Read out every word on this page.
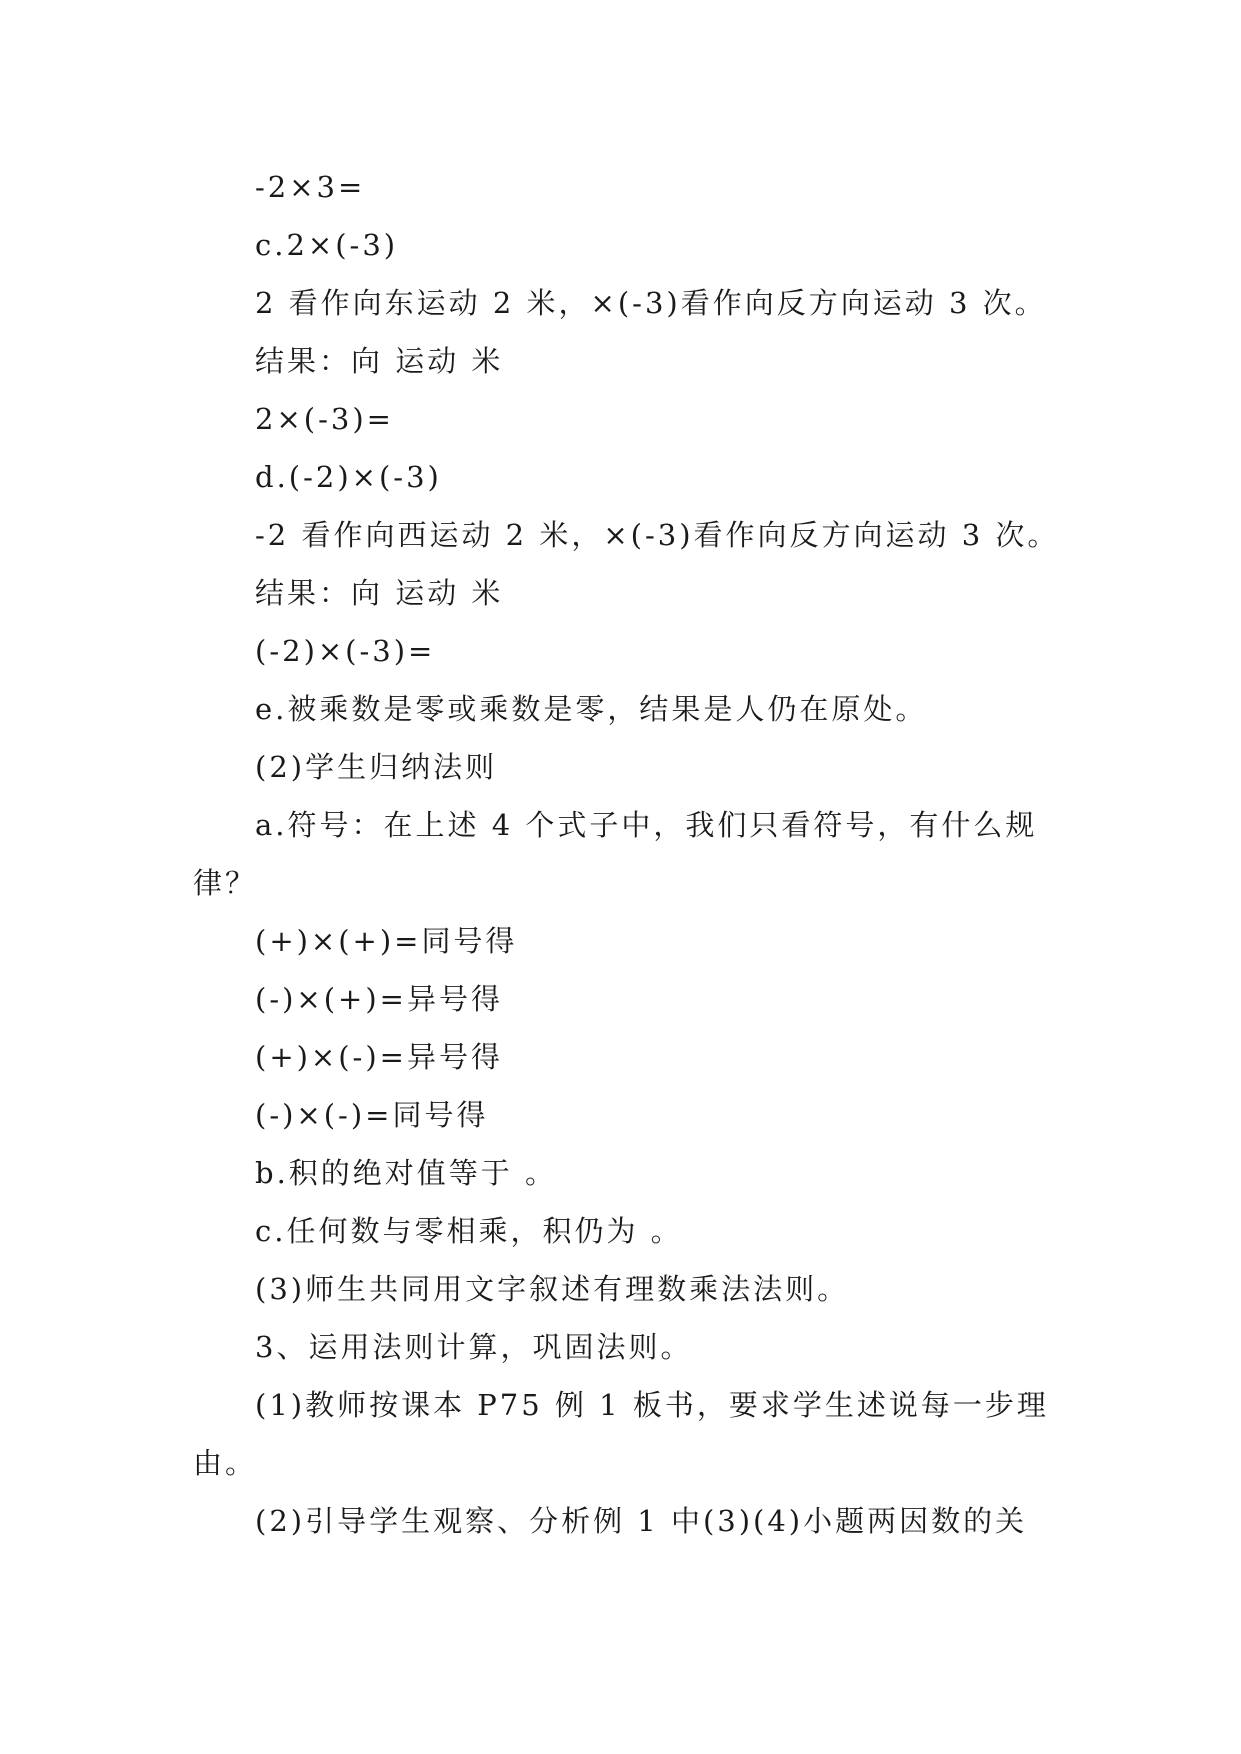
-2×3=
c.2×(-3)
2 看作向东运动 2 米，×(-3)看作向反方向运动 3 次。
结果：向 运动 米
2×(-3)=
d.(-2)×(-3)
-2 看作向西运动 2 米，×(-3)看作向反方向运动 3 次。
结果：向 运动 米
(-2)×(-3)=
e.被乘数是零或乘数是零，结果是人仍在原处。
(2)学生归纳法则
a.符号：在上述 4 个式子中，我们只看符号，有什么规
律？
(+)×(+)=同号得
(-)×(+)=异号得
(+)×(-)=异号得
(-)×(-)=同号得
b.积的绝对值等于 。
c.任何数与零相乘，积仍为 。
(3)师生共同用文字叙述有理数乘法法则。
3、运用法则计算，巩固法则。
(1)教师按课本 P75 例 1 板书，要求学生述说每一步理
由。
(2)引导学生观察、分析例 1 中(3)(4)小题两因数的关
